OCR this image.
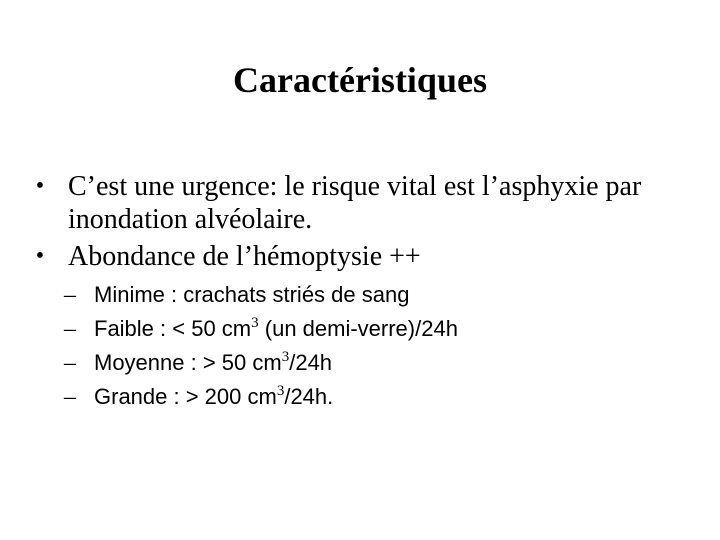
Caractéristiques
• C’est une urgence: le risque vital est l’asphyxie par inondation alvéolaire.
• Abondance de l’hémoptysie ++
– Minime : crachats striés de sang
– Faible : < 50 $cm^3$ (un demi-verre)/24h
– Moyenne : > 50 $cm^3/24h$
– Grande : > 200 $cm^3/24h$.
